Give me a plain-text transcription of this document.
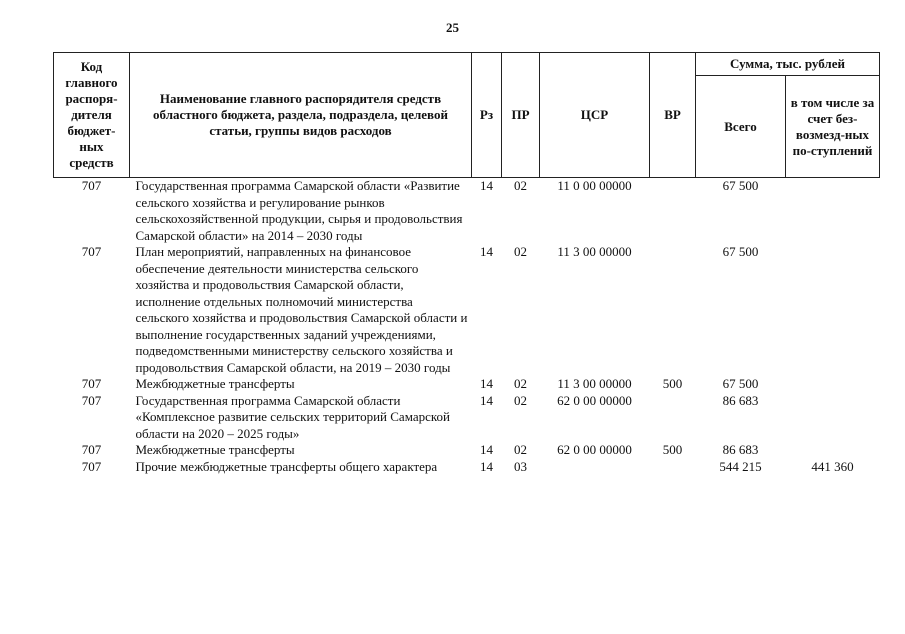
25
Код главного распоря-дителя бюджет-ных средств	Наименование главного распорядителя средств областного бюджета, раздела, подраздела, целевой статьи, группы видов расходов	Рз	ПР	ЦСР	ВР	Сумма, тыс. рублей	
						Всего	в том числе за счет без-возмезд-ных по-ступлений
707	Государственная программа Самарской области «Развитие сельского хозяйства и регулирование рынков сельскохозяйственной продукции, сырья и продовольствия Самарской области» на 2014 – 2030 годы	14	02	11 0 00 00000		67 500	
707	План мероприятий, направленных на финансовое обеспечение деятельности министерства сельского хозяйства и продовольствия Самарской области, исполнение отдельных полномочий министерства сельского хозяйства и продовольствия Самарской области и выполнение государственных заданий учреждениями, подведомственными министерству сельского хозяйства и продовольствия Самарской области, на 2019 – 2030 годы	14	02	11 3 00 00000		67 500	
707	Межбюджетные трансферты	14	02	11 3 00 00000	500	67 500	
707	Государственная программа Самарской области «Комплексное развитие сельских территорий Самарской области на 2020 – 2025 годы»	14	02	62 0 00 00000		86 683	
707	Межбюджетные трансферты	14	02	62 0 00 00000	500	86 683	
707	Прочие межбюджетные трансферты общего характера	14	03			544 215	441 360
